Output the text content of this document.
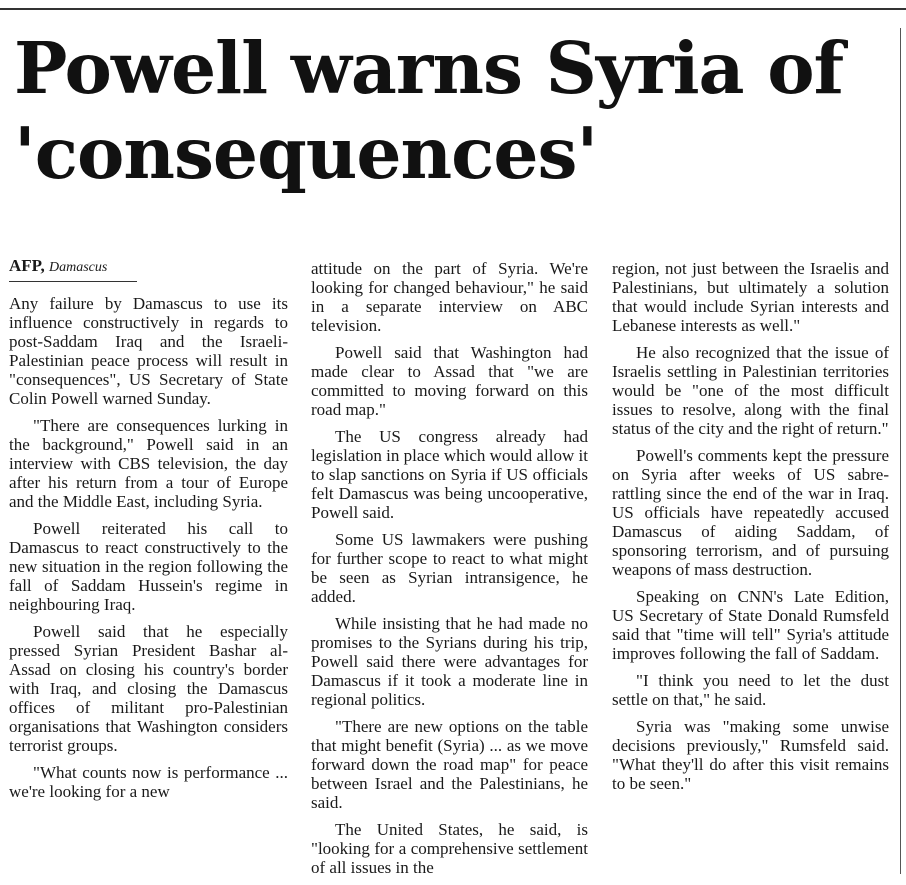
Powell warns Syria of 'consequences'
AFP, Damascus

Any failure by Damascus to use its influence constructively in regards to post-Saddam Iraq and the Israeli-Palestinian peace process will result in "consequences", US Secretary of State Colin Powell warned Sunday.

"There are consequences lurking in the background," Powell said in an interview with CBS television, the day after his return from a tour of Europe and the Middle East, including Syria.

Powell reiterated his call to Damascus to react constructively to the new situation in the region following the fall of Saddam Hussein's regime in neighbouring Iraq.

Powell said that he especially pressed Syrian President Bashar al-Assad on closing his country's border with Iraq, and closing the Damascus offices of militant pro-Palestinian organisations that Washington considers terrorist groups.

"What counts now is performance ... we're looking for a new

attitude on the part of Syria. We're looking for changed behaviour," he said in a separate interview on ABC television.

Powell said that Washington had made clear to Assad that "we are committed to moving forward on this road map."

The US congress already had legislation in place which would allow it to slap sanctions on Syria if US officials felt Damascus was being uncooperative, Powell said.

Some US lawmakers were pushing for further scope to react to what might be seen as Syrian intransigence, he added.

While insisting that he had made no promises to the Syrians during his trip, Powell said there were advantages for Damascus if it took a moderate line in regional politics.

"There are new options on the table that might benefit (Syria) ... as we move forward down the road map" for peace between Israel and the Palestinians, he said.

The United States, he said, is "looking for a comprehensive settlement of all issues in the

region, not just between the Israelis and Palestinians, but ultimately a solution that would include Syrian interests and Lebanese interests as well."

He also recognized that the issue of Israelis settling in Palestinian territories would be "one of the most difficult issues to resolve, along with the final status of the city and the right of return."

Powell's comments kept the pressure on Syria after weeks of US sabre-rattling since the end of the war in Iraq. US officials have repeatedly accused Damascus of aiding Saddam, of sponsoring terrorism, and of pursuing weapons of mass destruction.

Speaking on CNN's Late Edition, US Secretary of State Donald Rumsfeld said that "time will tell" Syria's attitude improves following the fall of Saddam.

"I think you need to let the dust settle on that," he said.

Syria was "making some unwise decisions previously," Rumsfeld said. "What they'll do after this visit remains to be seen."
